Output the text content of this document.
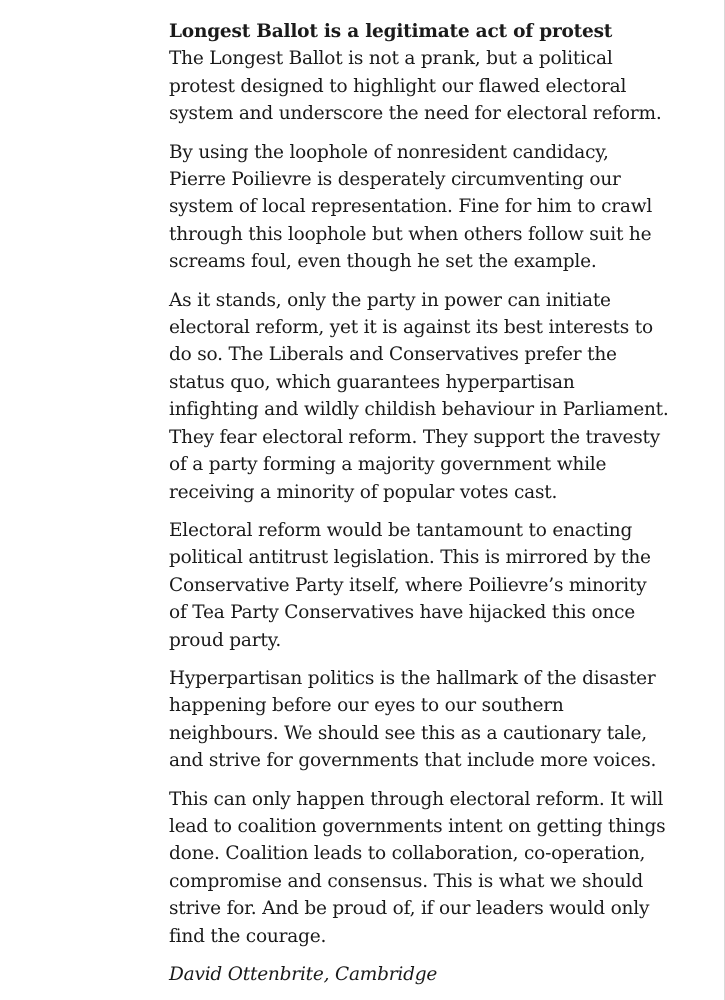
Longest Ballot is a legitimate act of protest

The Longest Ballot is not a prank, but a political protest designed to highlight our flawed electoral system and underscore the need for electoral reform.

By using the loophole of nonresident candidacy, Pierre Poilievre is desperately circumventing our system of local representation. Fine for him to crawl through this loophole but when others follow suit he screams foul, even though he set the example.

As it stands, only the party in power can initiate electoral reform, yet it is against its best interests to do so. The Liberals and Conservatives prefer the status quo, which guarantees hyperpartisan infighting and wildly childish behaviour in Parliament. They fear electoral reform. They support the travesty of a party forming a majority government while receiving a minority of popular votes cast.

Electoral reform would be tantamount to enacting political antitrust legislation. This is mirrored by the Conservative Party itself, where Poilievre’s minority of Tea Party Conservatives have hijacked this once proud party.

Hyperpartisan politics is the hallmark of the disaster happening before our eyes to our southern neighbours. We should see this as a cautionary tale, and strive for governments that include more voices.

This can only happen through electoral reform. It will lead to coalition governments intent on getting things done. Coalition leads to collaboration, co-operation, compromise and consensus. This is what we should strive for. And be proud of, if our leaders would only find the courage.

David Ottenbrite, Cambridge
